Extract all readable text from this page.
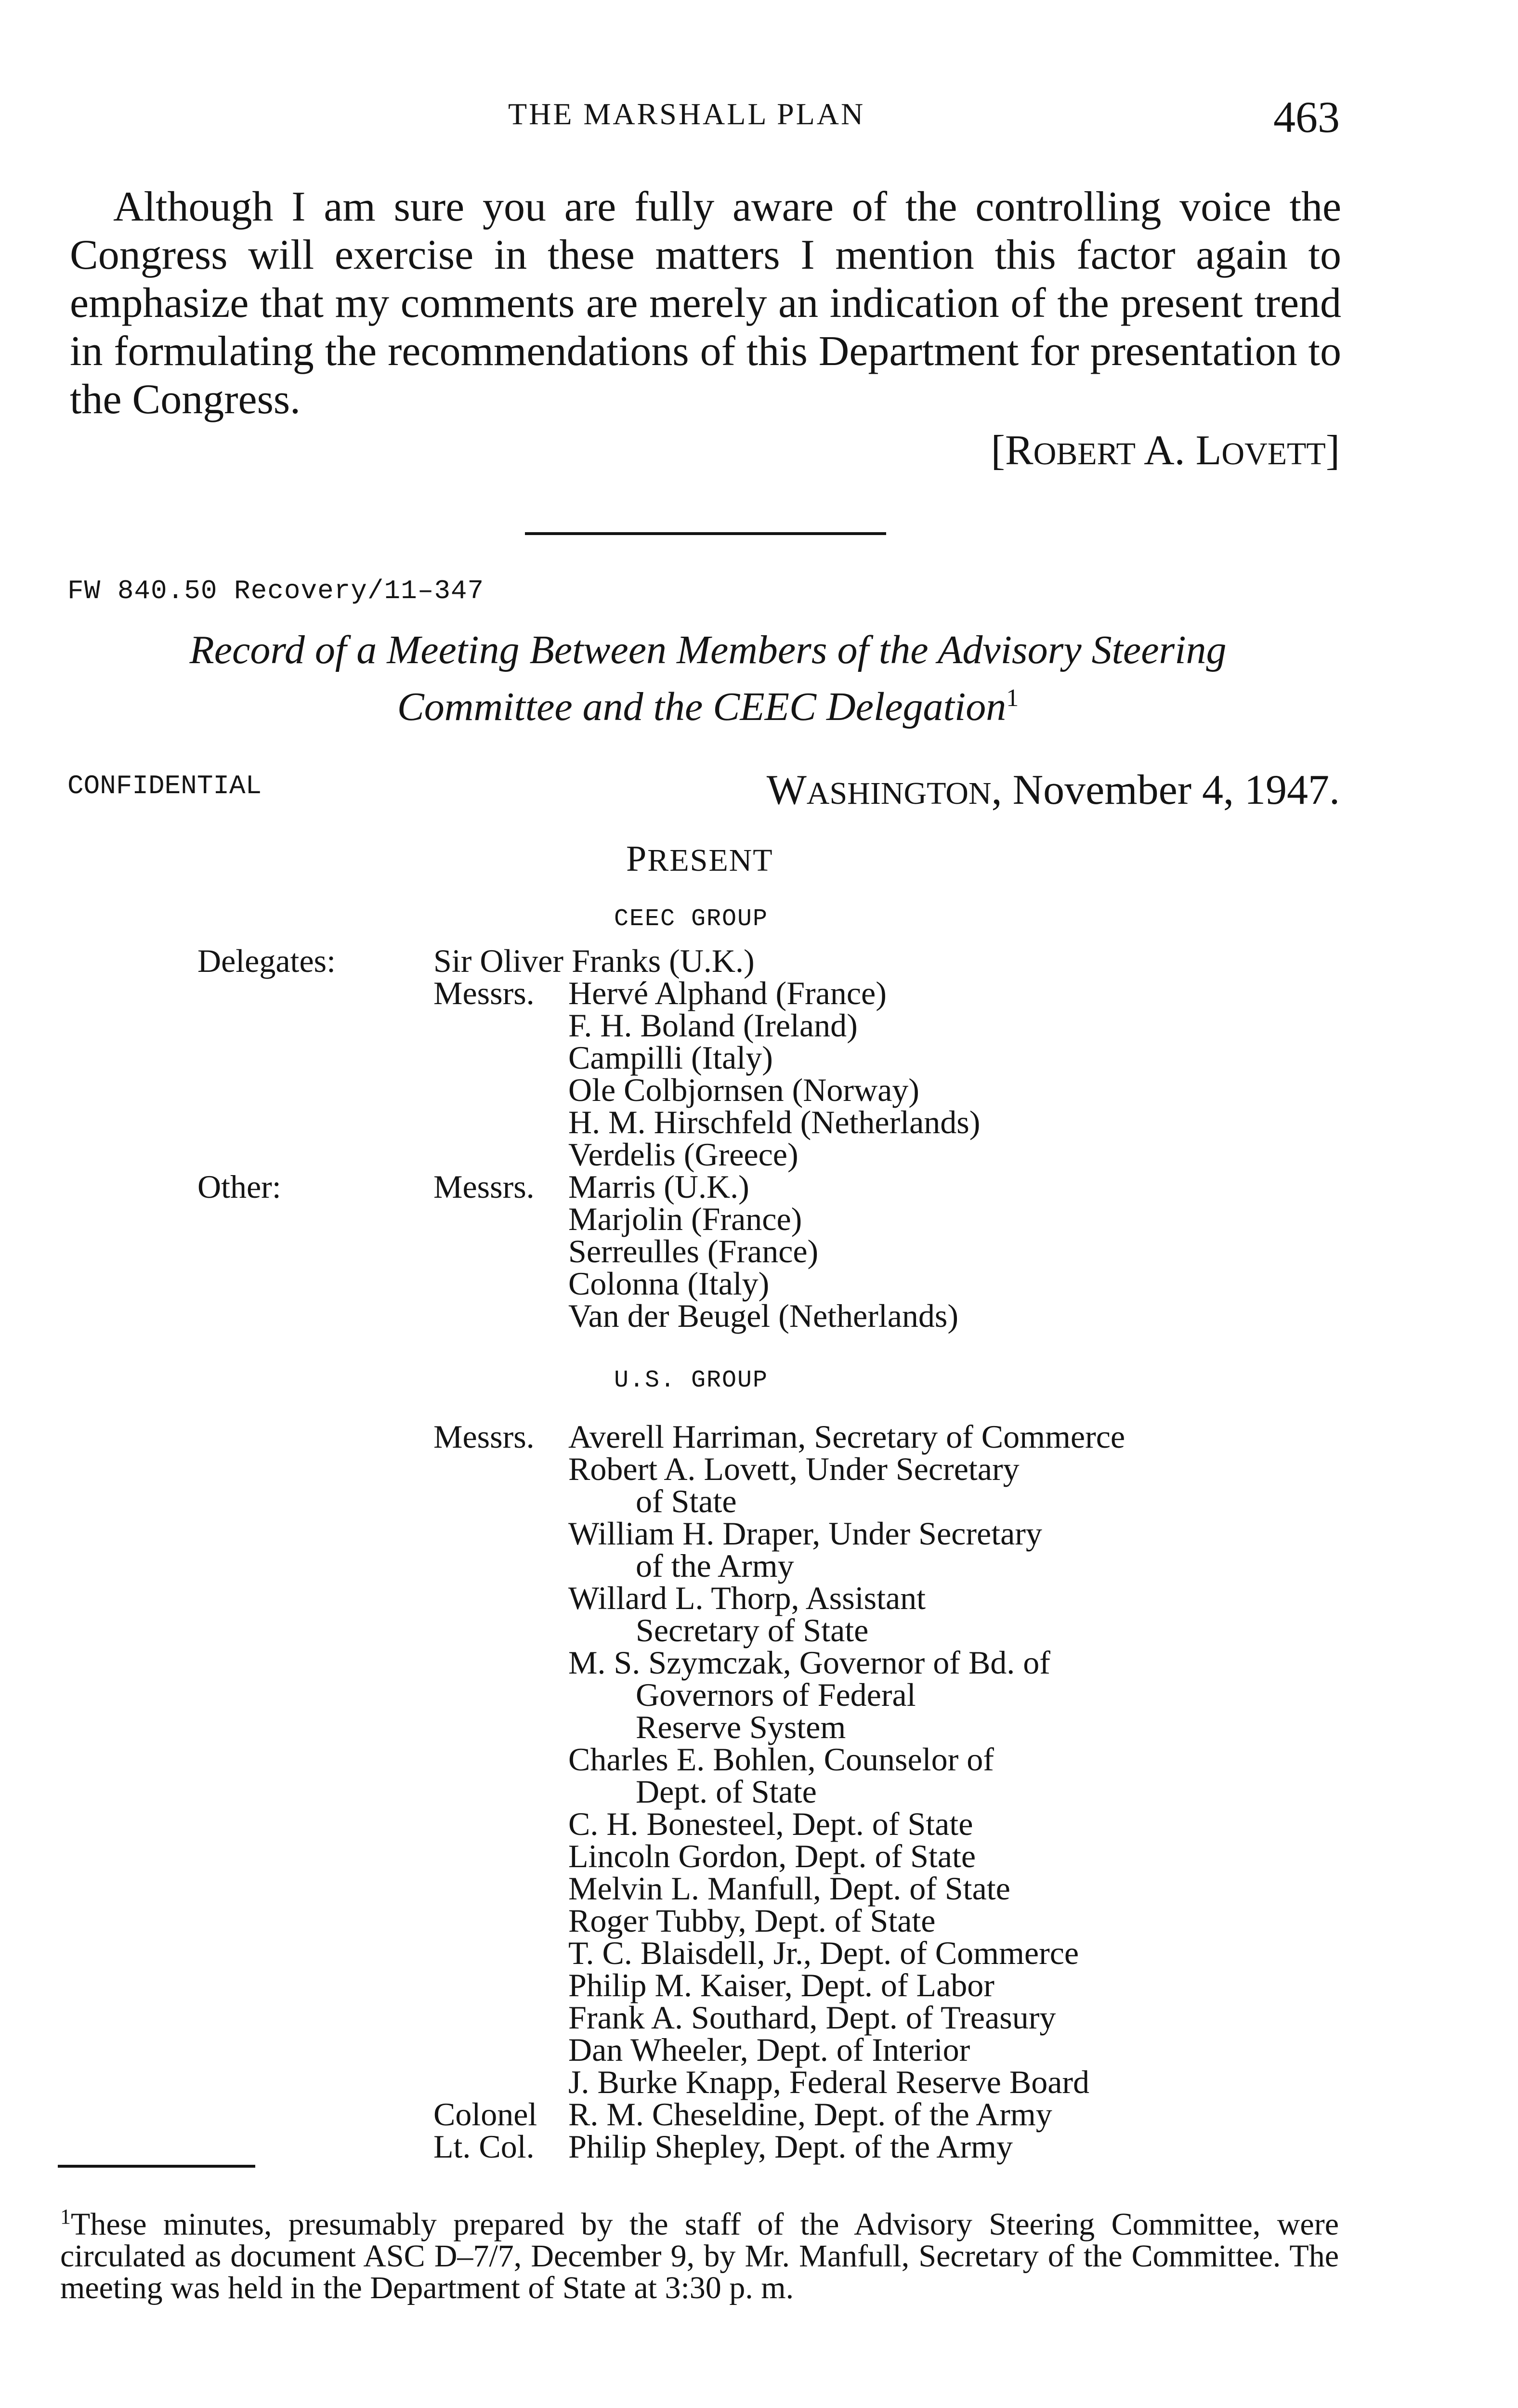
THE MARSHALL PLAN	463

Although I am sure you are fully aware of the controlling voice the Congress will exercise in these matters I mention this factor again to emphasize that my comments are merely an indication of the present trend in formulating the recommendations of this Department for presentation to the Congress.

[ROBERT A. LOVETT]
FW 840.50 Recovery/11–347
Record of a Meeting Between Members of the Advisory Steering
Committee and the CEEC Delegation$^1$
CONFIDENTIAL	WASHINGTON, November 4, 1947.
PRESENT
CEEC GROUP
Delegates:	Sir Oliver Franks (U.K.)
Messrs. Hervé Alphand (France)
F. H. Boland (Ireland)
Campilli (Italy)
Ole Colbjornsen (Norway)
H. M. Hirschfeld (Netherlands)
Verdelis (Greece)
Other:	Messrs. Marris (U.K.)
Marjolin (France)
Serreulles (France)
Colonna (Italy)
Van der Beugel (Netherlands)
U.S. GROUP
Messrs. Averell Harriman, Secretary of Commerce
Robert A. Lovett, Under Secretary
of State
William H. Draper, Under Secretary
of the Army
Willard L. Thorp, Assistant
Secretary of State
M. S. Szymczak, Governor of Bd. of
Governors of Federal
Reserve System
Charles E. Bohlen, Counselor of
Dept. of State
C. H. Bonesteel, Dept. of State
Lincoln Gordon, Dept. of State
Melvin L. Manfull, Dept. of State
Roger Tubby, Dept. of State
T. C. Blaisdell, Jr., Dept. of Commerce
Philip M. Kaiser, Dept. of Labor
Frank A. Southard, Dept. of Treasury
Dan Wheeler, Dept. of Interior
J. Burke Knapp, Federal Reserve Board
Colonel R. M. Cheseldine, Dept. of the Army
Lt. Col. Philip Shepley, Dept. of the Army

$^1$These minutes, presumably prepared by the staff of the Advisory Steering Committee, were circulated as document ASC D–7/7, December 9, by Mr. Manfull, Secretary of the Committee. The meeting was held in the Department of State at 3:30 p. m.
